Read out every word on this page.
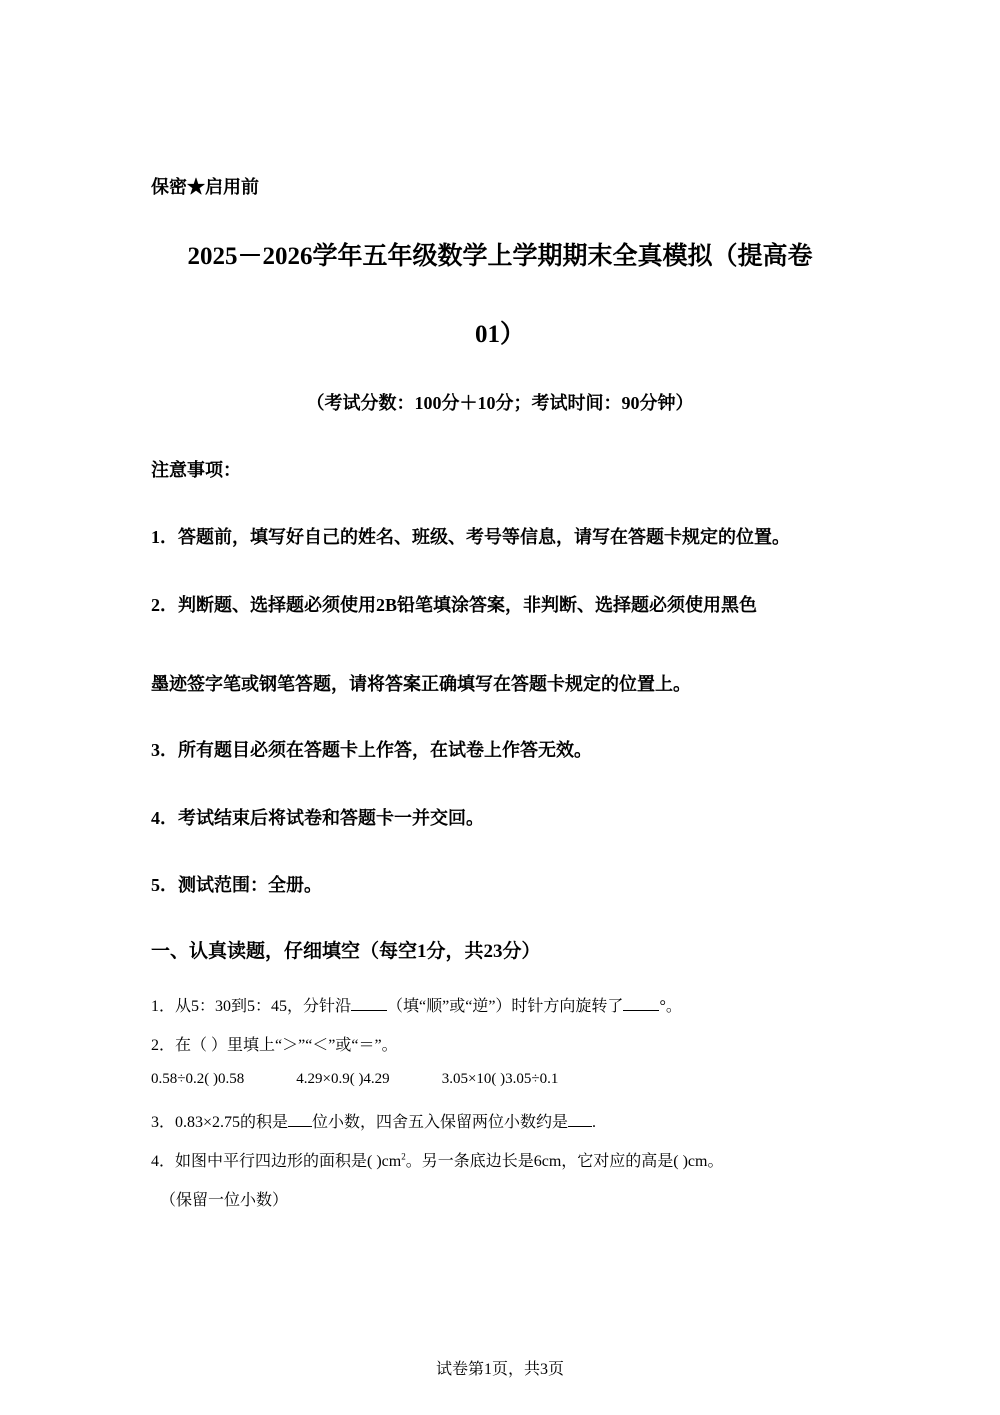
保密★启用前
2025－2026学年五年级数学上学期期末全真模拟（提高卷
01）
（考试分数：100分＋10分；考试时间：90分钟）
注意事项：
1．答题前，填写好自己的姓名、班级、考号等信息，请写在答题卡规定的位置。
2．判断题、选择题必须使用2B铅笔填涂答案，非判断、选择题必须使用黑色
墨迹签字笔或钢笔答题，请将答案正确填写在答题卡规定的位置上。
3．所有题目必须在答题卡上作答，在试卷上作答无效。
4．考试结束后将试卷和答题卡一并交回。
5．测试范围：全册。
一、认真读题，仔细填空（每空1分，共23分）
1．从5：30到5：45，分针沿 （填“顺”或“逆”）时针方向旋转了 °。
2．在（ ）里填上“＞”“＜”或“＝”。
0.58÷0.2( )0.58	4.29×0.9( )4.29	3.05×10( )3.05÷0.1
3．0.83×2.75的积是 位小数，四舍五入保留两位小数约是 .
4．如图中平行四边形的面积是( )$cm^2$。另一条底边长是6cm，它对应的高是( )cm。
（保留一位小数）
试卷第1页，共3页
